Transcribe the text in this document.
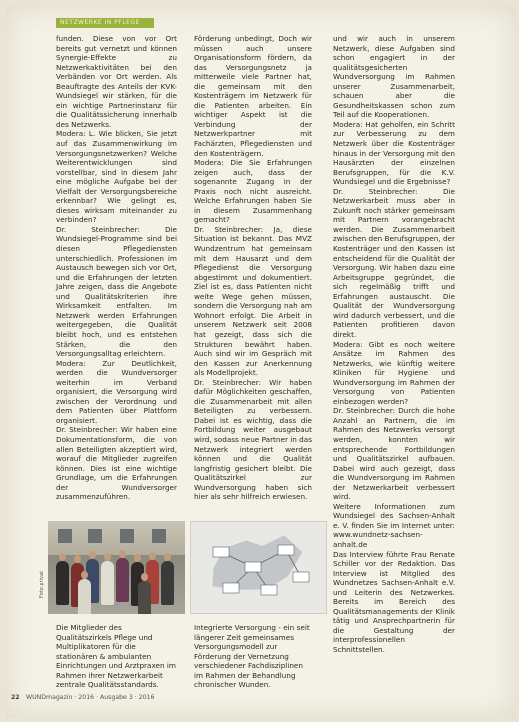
NETZWERKE IN PFLEGE

funden. Diese von vor Ort bereits gut vernetzt und können Synergie-Effekte zu Netzwerkaktivitäten bei den Verbänden vor Ort werden. Als Beauftragte des Anteils der KVK-Wundsiegel wir stärken, für die ein wichtige Partnerinstanz für die Qualitätssicherung innerhalb des Netzwerks.

Modera: L. Wie blicken, Sie jetzt auf das Zusammenwirkung im Versorgungsnetzwerken? Welche Weiterentwicklungen sind vorstellbar, sind in diesem Jahr eine mögliche Aufgabe bei der Vielfalt der Versorgungsbereiche erkennbar? Wie gelingt es, dieses wirksam miteinander zu verbinden?

Dr. Steinbrecher: Die Wundsiegel-Programme sind bei diesen Pflegediensten unterschiedlich. Professionen im Austausch bewegen sich vor Ort, und die Erfahrungen der letzten Jahre zeigen, dass die Angebote und Qualitätskriterien ihre Wirksamkeit entfalten. Im Netzwerk werden Erfahrungen weitergegeben, die Qualität bleibt hoch, und es entstehen Stärken, die den Versorgungsalltag erleichtern.

Modera: Zur Deutlichkeit, werden die Wundversorger weiterhin im Verband organisiert, die Versorgung wird zwischen der Verordnung und dem Patienten über Plattform organisiert.

Dr. Steinbrecher: Wir haben eine Dokumentationsform, die von allen Beteiligten akzeptiert wird, worauf die Mitglieder zugreifen können. Dies ist eine wichtige Grundlage, um die Erfahrungen der Wundversorger zusammenzuführen.

Förderung unbedingt, Doch wir müssen auch unsere Organisationsform fördern, da das Versorgungsnetz ja mitterweile viele Partner hat, die gemeinsam mit den Kostenträgern im Netzwerk für die Patienten arbeiten. Ein wichtiger Aspekt ist die Verbindung der Netzwerkpartner mit Fachärzten, Pflegediensten und den Kostenträgern.

Modera: Die Sie Erfahrungen zeigen auch, dass der sogenannte Zugang in der Praxis noch nicht ausreicht. Welche Erfahrungen haben Sie in diesem Zusammenhang gemacht?

Dr. Steinbrecher: Ja, diese Situation ist bekannt. Das MVZ Wundzentrum hat gemeinsam mit dem Hausarzt und dem Pflegedienst die Versorgung abgestimmt und dokumentiert. Ziel ist es, dass Patienten nicht weite Wege gehen müssen, sondern die Versorgung nah am Wohnort erfolgt. Die Arbeit in unserem Netzwerk seit 2008 hat gezeigt, dass sich die Strukturen bewährt haben. Auch sind wir im Gespräch mit den Kassen zur Anerkennung als Modellprojekt.

Dr. Steinbrecher: Wir haben dafür Möglichkeiten geschaffen, die Zusammenarbeit mit allen Beteiligten zu verbessern. Dabei ist es wichtig, dass die Fortbildung weiter ausgebaut wird, sodass neue Partner in das Netzwerk integriert werden können und die Qualität langfristig gesichert bleibt. Die Qualitätszirkel zur Wundversorgung haben sich hier als sehr hilfreich erwiesen.

und wir auch in unserem Netzwerk, diese Aufgaben sind schon engagiert in der qualitätsgesicherten Wundversorgung im Rahmen unserer Zusammenarbeit, schauen aber die Gesundheitskassen schon zum Teil auf die Kooperationen.

Modera: Hat geholfen, ein Schritt zur Verbesserung zu dem Netzwerk über die Kostenträger hinaus in der Versorgung mit den Hausärzten der einzelnen Berufsgruppen, für die K.V. Wundsiegel und die Ergebnisse?

Dr. Steinbrecher: Die Netzwerkarbeit muss aber in Zukunft noch stärker gemeinsam mit Partnern vorangebracht werden. Die Zusammenarbeit zwischen den Berufsgruppen, der Kostenträger und den Kassen ist entscheidend für die Qualität der Versorgung. Wir haben dazu eine Arbeitsgruppe gegründet, die sich regelmäßig trifft und Erfahrungen austauscht. Die Qualität der Wundversorgung wird dadurch verbessert, und die Patienten profitieren davon direkt.

Modera: Gibt es noch weitere Ansätze im Rahmen des Netzwerks, wie künftig weitere Kliniken für Hygiene und Wundversorgung im Rahmen der Versorgung von Patienten einbezogen werden?

Dr. Steinbrecher: Durch die hohe Anzahl an Partnern, die im Rahmen des Netzwerks versorgt werden, konnten wir entsprechende Fortbildungen und Qualitätszirkel aufbauen. Dabei wird auch gezeigt, dass die Wundversorgung im Rahmen der Netzwerkarbeit verbessert wird.

Weitere Informationen zum Wundsiegel des Sachsen-Anhalt e. V. finden Sie im Internet unter: www.wundnetz-sachsen-anhalt.de

Das Interview führte Frau Renate Schiller vor der Redaktion. Das Interview ist Mitglied des Wundnetzes Sachsen-Anhalt e.V. und Leiterin des Netzwerkes. Bereits im Bereich des Qualitätsmanagements der Klinik tätig und Ansprechpartnerin für die Gestaltung der interprofessionellen Schnittstellen.

Foto privat
Die Mitglieder des Qualitätszirkels Pflege und Multiplikatoren für die stationären & ambulanten Einrichtungen und Arztpraxen im Rahmen ihrer Netzwerkarbeit zentrale Qualitätsstandards.
Integrierte Versorgung - ein seit längerer Zeit gemeinsames Versorgungsmodell zur Förderung der Vernetzung verschiedener Fachdisziplinen im Rahmen der Behandlung chronischer Wunden.
22 WUNDmagazin · 2016 · Ausgabe 3 · 2016
